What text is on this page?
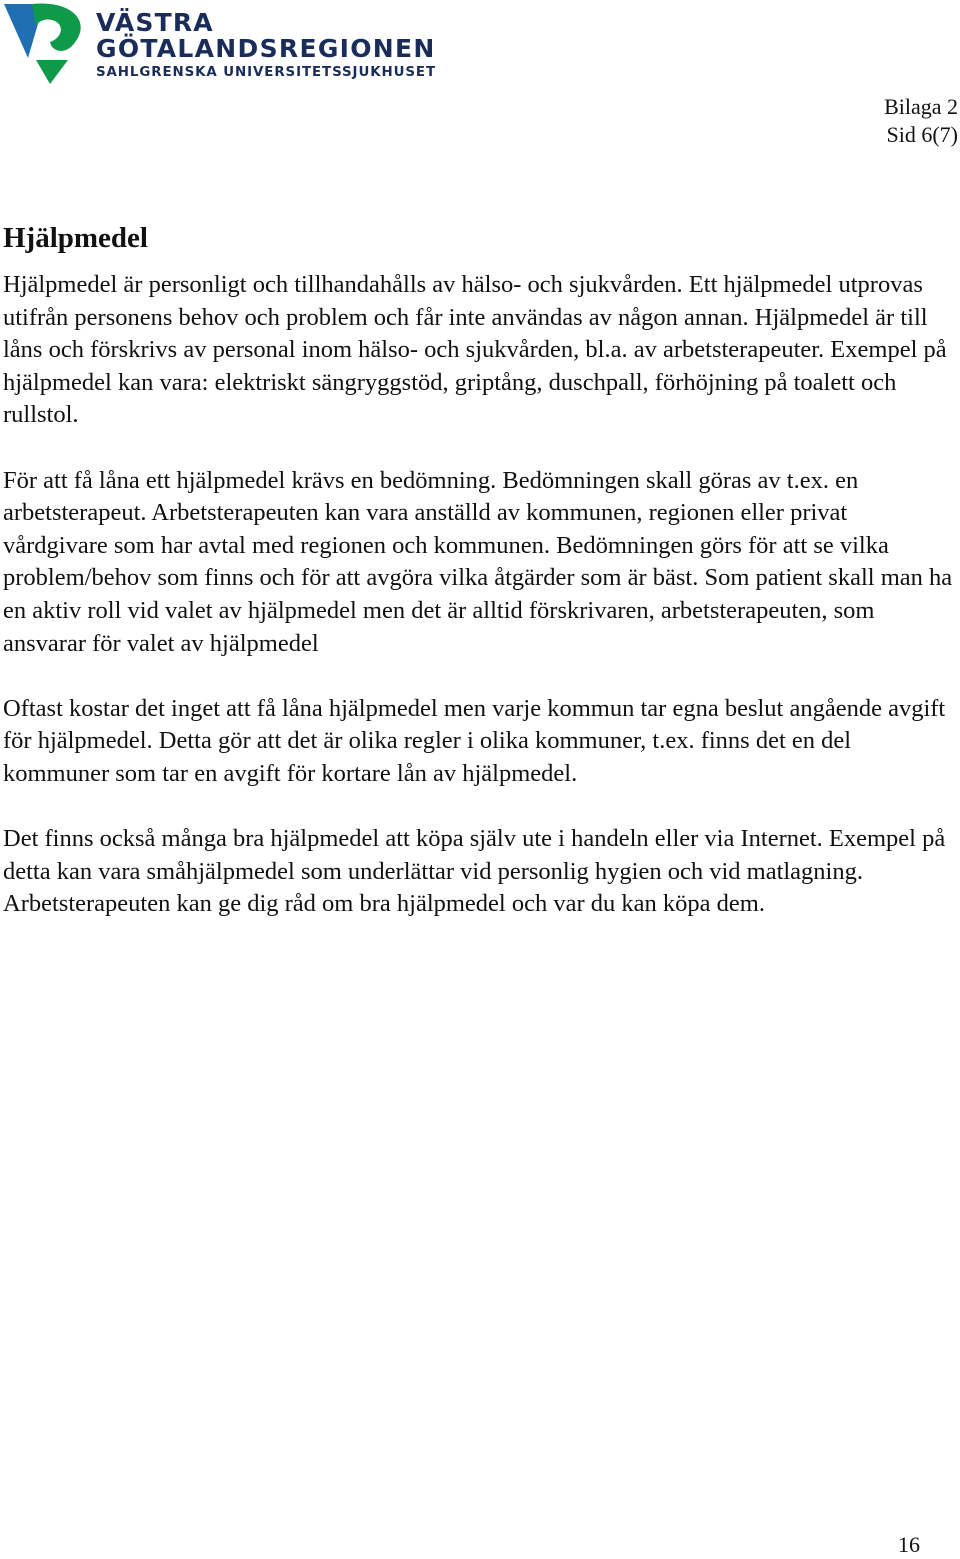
VÄSTRA
GÖTALANDSREGIONEN
SAHLGRENSKA UNIVERSITETSSJUKHUSET
Bilaga 2
Sid 6(7)
Hjälpmedel

Hjälpmedel är personligt och tillhandahålls av hälso- och sjukvården. Ett hjälpmedel utprovas utifrån personens behov och problem och får inte användas av någon annan. Hjälpmedel är till låns och förskrivs av personal inom hälso- och sjukvården, bl.a. av arbetsterapeuter. Exempel på hjälpmedel kan vara: elektriskt sängryggstöd, griptång, duschpall, förhöjning på toalett och rullstol.

För att få låna ett hjälpmedel krävs en bedömning. Bedömningen skall göras av t.ex. en arbetsterapeut. Arbetsterapeuten kan vara anställd av kommunen, regionen eller privat vårdgivare som har avtal med regionen och kommunen. Bedömningen görs för att se vilka problem/behov som finns och för att avgöra vilka åtgärder som är bäst. Som patient skall man ha en aktiv roll vid valet av hjälpmedel men det är alltid förskrivaren, arbetsterapeuten, som ansvarar för valet av hjälpmedel

Oftast kostar det inget att få låna hjälpmedel men varje kommun tar egna beslut angående avgift för hjälpmedel. Detta gör att det är olika regler i olika kommuner, t.ex. finns det en del kommuner som tar en avgift för kortare lån av hjälpmedel.

Det finns också många bra hjälpmedel att köpa själv ute i handeln eller via Internet. Exempel på detta kan vara småhjälpmedel som underlättar vid personlig hygien och vid matlagning. Arbetsterapeuten kan ge dig råd om bra hjälpmedel och var du kan köpa dem.

16
